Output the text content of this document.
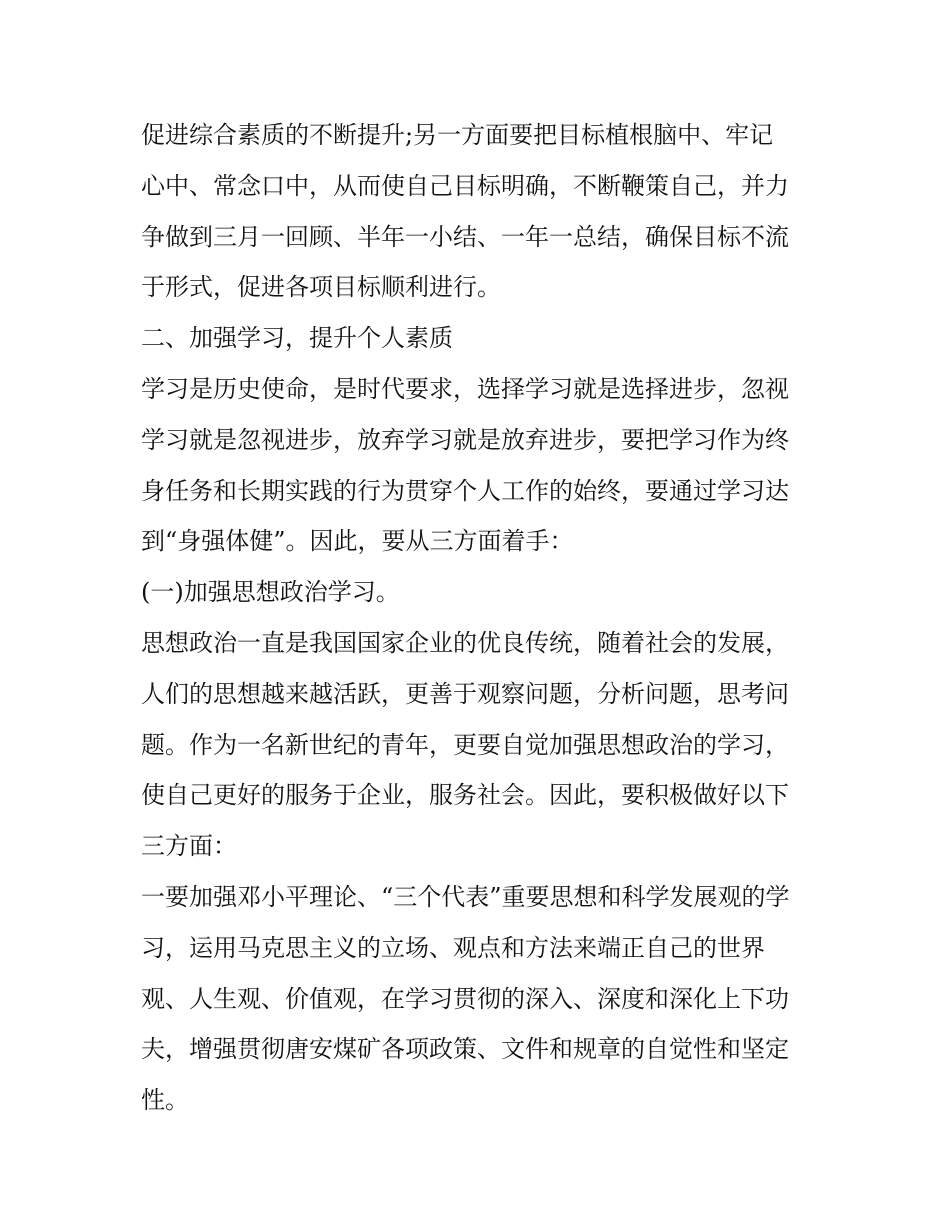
促进综合素质的不断提升;另一方面要把目标植根脑中、牢记
心中、常念口中，从而使自己目标明确，不断鞭策自己，并力
争做到三月一回顾、半年一小结、一年一总结，确保目标不流
于形式，促进各项目标顺利进行。
二、加强学习，提升个人素质
学习是历史使命，是时代要求，选择学习就是选择进步，忽视
学习就是忽视进步，放弃学习就是放弃进步，要把学习作为终
身任务和长期实践的行为贯穿个人工作的始终，要通过学习达
到“身强体健”。因此，要从三方面着手：
(一)加强思想政治学习。
思想政治一直是我国国家企业的优良传统，随着社会的发展，
人们的思想越来越活跃，更善于观察问题，分析问题，思考问
题。作为一名新世纪的青年，更要自觉加强思想政治的学习，
使自己更好的服务于企业，服务社会。因此，要积极做好以下
三方面：
一要加强邓小平理论、“三个代表”重要思想和科学发展观的学
习，运用马克思主义的立场、观点和方法来端正自己的世界
观、人生观、价值观，在学习贯彻的深入、深度和深化上下功
夫，增强贯彻唐安煤矿各项政策、文件和规章的自觉性和坚定
性。
